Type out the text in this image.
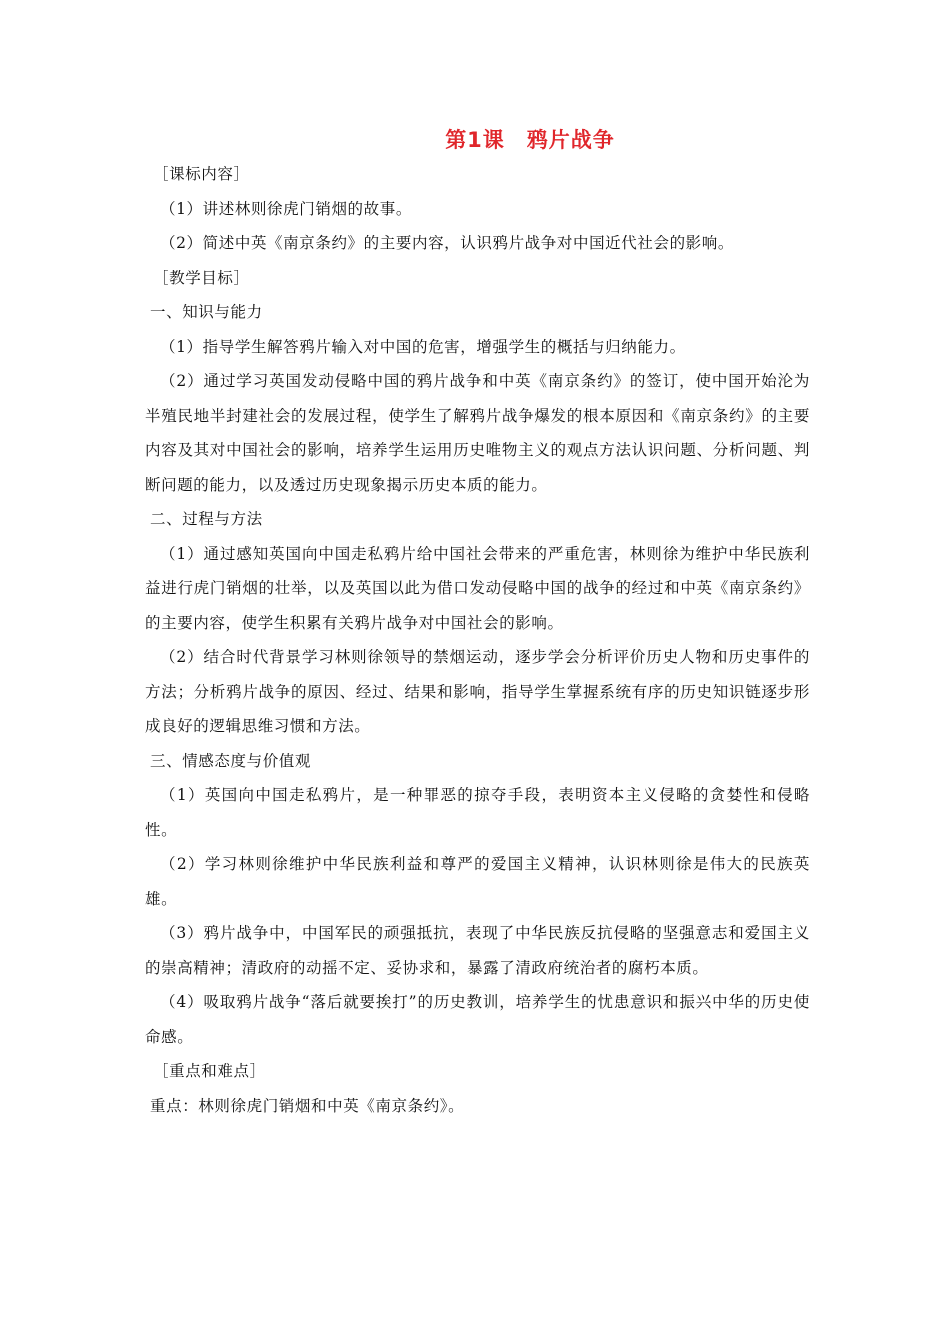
第1课　鸦片战争

［课标内容］

（1）讲述林则徐虎门销烟的故事。

（2）简述中英《南京条约》的主要内容，认识鸦片战争对中国近代社会的影响。

［教学目标］

一、知识与能力

（1）指导学生解答鸦片输入对中国的危害，增强学生的概括与归纳能力。

（2）通过学习英国发动侵略中国的鸦片战争和中英《南京条约》的签订，使中国开始沦为半殖民地半封建社会的发展过程，使学生了解鸦片战争爆发的根本原因和《南京条约》的主要内容及其对中国社会的影响，培养学生运用历史唯物主义的观点方法认识问题、分析问题、判断问题的能力，以及透过历史现象揭示历史本质的能力。

二、过程与方法

（1）通过感知英国向中国走私鸦片给中国社会带来的严重危害，林则徐为维护中华民族利益进行虎门销烟的壮举，以及英国以此为借口发动侵略中国的战争的经过和中英《南京条约》的主要内容，使学生积累有关鸦片战争对中国社会的影响。

（2）结合时代背景学习林则徐领导的禁烟运动，逐步学会分析评价历史人物和历史事件的方法；分析鸦片战争的原因、经过、结果和影响，指导学生掌握系统有序的历史知识链逐步形成良好的逻辑思维习惯和方法。

三、情感态度与价值观

（1）英国向中国走私鸦片，是一种罪恶的掠夺手段，表明资本主义侵略的贪婪性和侵略性。

（2）学习林则徐维护中华民族利益和尊严的爱国主义精神，认识林则徐是伟大的民族英雄。

（3）鸦片战争中，中国军民的顽强抵抗，表现了中华民族反抗侵略的坚强意志和爱国主义的崇高精神；清政府的动摇不定、妥协求和，暴露了清政府统治者的腐朽本质。

（4）吸取鸦片战争“落后就要挨打”的历史教训，培养学生的忧患意识和振兴中华的历史使命感。

［重点和难点］

重点：林则徐虎门销烟和中英《南京条约》。
